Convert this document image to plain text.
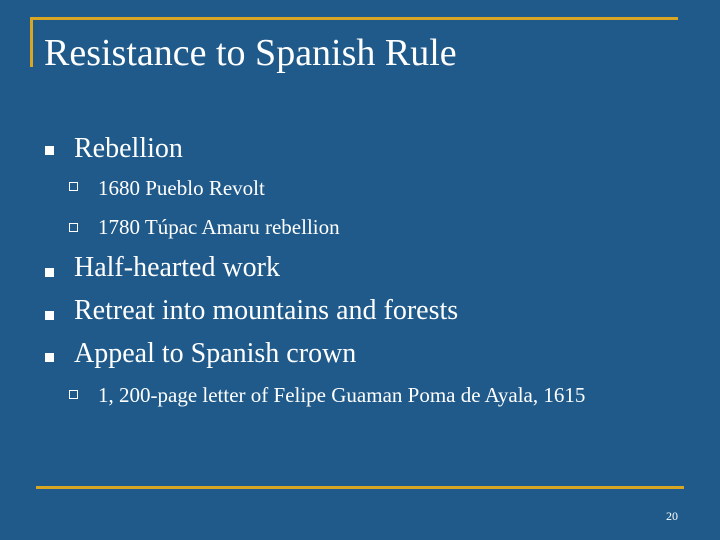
Resistance to Spanish Rule
Rebellion
1680 Pueblo Revolt
1780 Túpac Amaru rebellion
Half-hearted work
Retreat into mountains and forests
Appeal to Spanish crown
1, 200-page letter of Felipe Guaman Poma de Ayala, 1615
20
